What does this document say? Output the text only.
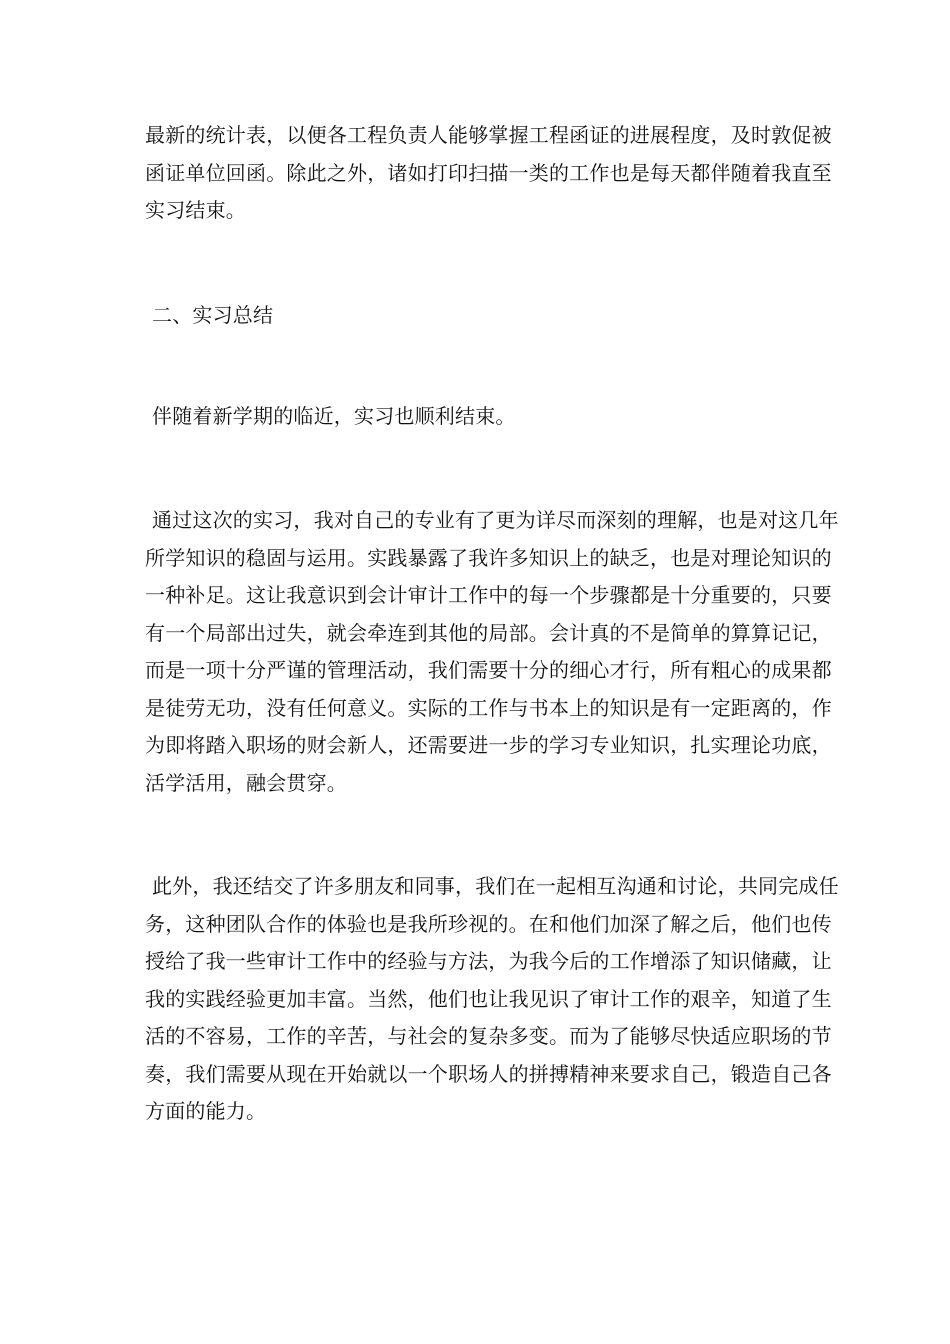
最新的统计表，以便各工程负责人能够掌握工程函证的进展程度，及时敦促被
函证单位回函。除此之外，诸如打印扫描一类的工作也是每天都伴随着我直至
实习结束。
二、实习总结
伴随着新学期的临近，实习也顺利结束。
通过这次的实习，我对自己的专业有了更为详尽而深刻的理解，也是对这几年
所学知识的稳固与运用。实践暴露了我许多知识上的缺乏，也是对理论知识的
一种补足。这让我意识到会计审计工作中的每一个步骤都是十分重要的，只要
有一个局部出过失，就会牵连到其他的局部。会计真的不是简单的算算记记，
而是一项十分严谨的管理活动，我们需要十分的细心才行，所有粗心的成果都
是徒劳无功，没有任何意义。实际的工作与书本上的知识是有一定距离的，作
为即将踏入职场的财会新人，还需要进一步的学习专业知识，扎实理论功底，
活学活用，融会贯穿。
此外，我还结交了许多朋友和同事，我们在一起相互沟通和讨论，共同完成任
务，这种团队合作的体验也是我所珍视的。在和他们加深了解之后，他们也传
授给了我一些审计工作中的经验与方法，为我今后的工作增添了知识储藏，让
我的实践经验更加丰富。当然，他们也让我见识了审计工作的艰辛，知道了生
活的不容易，工作的辛苦，与社会的复杂多变。而为了能够尽快适应职场的节
奏，我们需要从现在开始就以一个职场人的拼搏精神来要求自己，锻造自己各
方面的能力。
